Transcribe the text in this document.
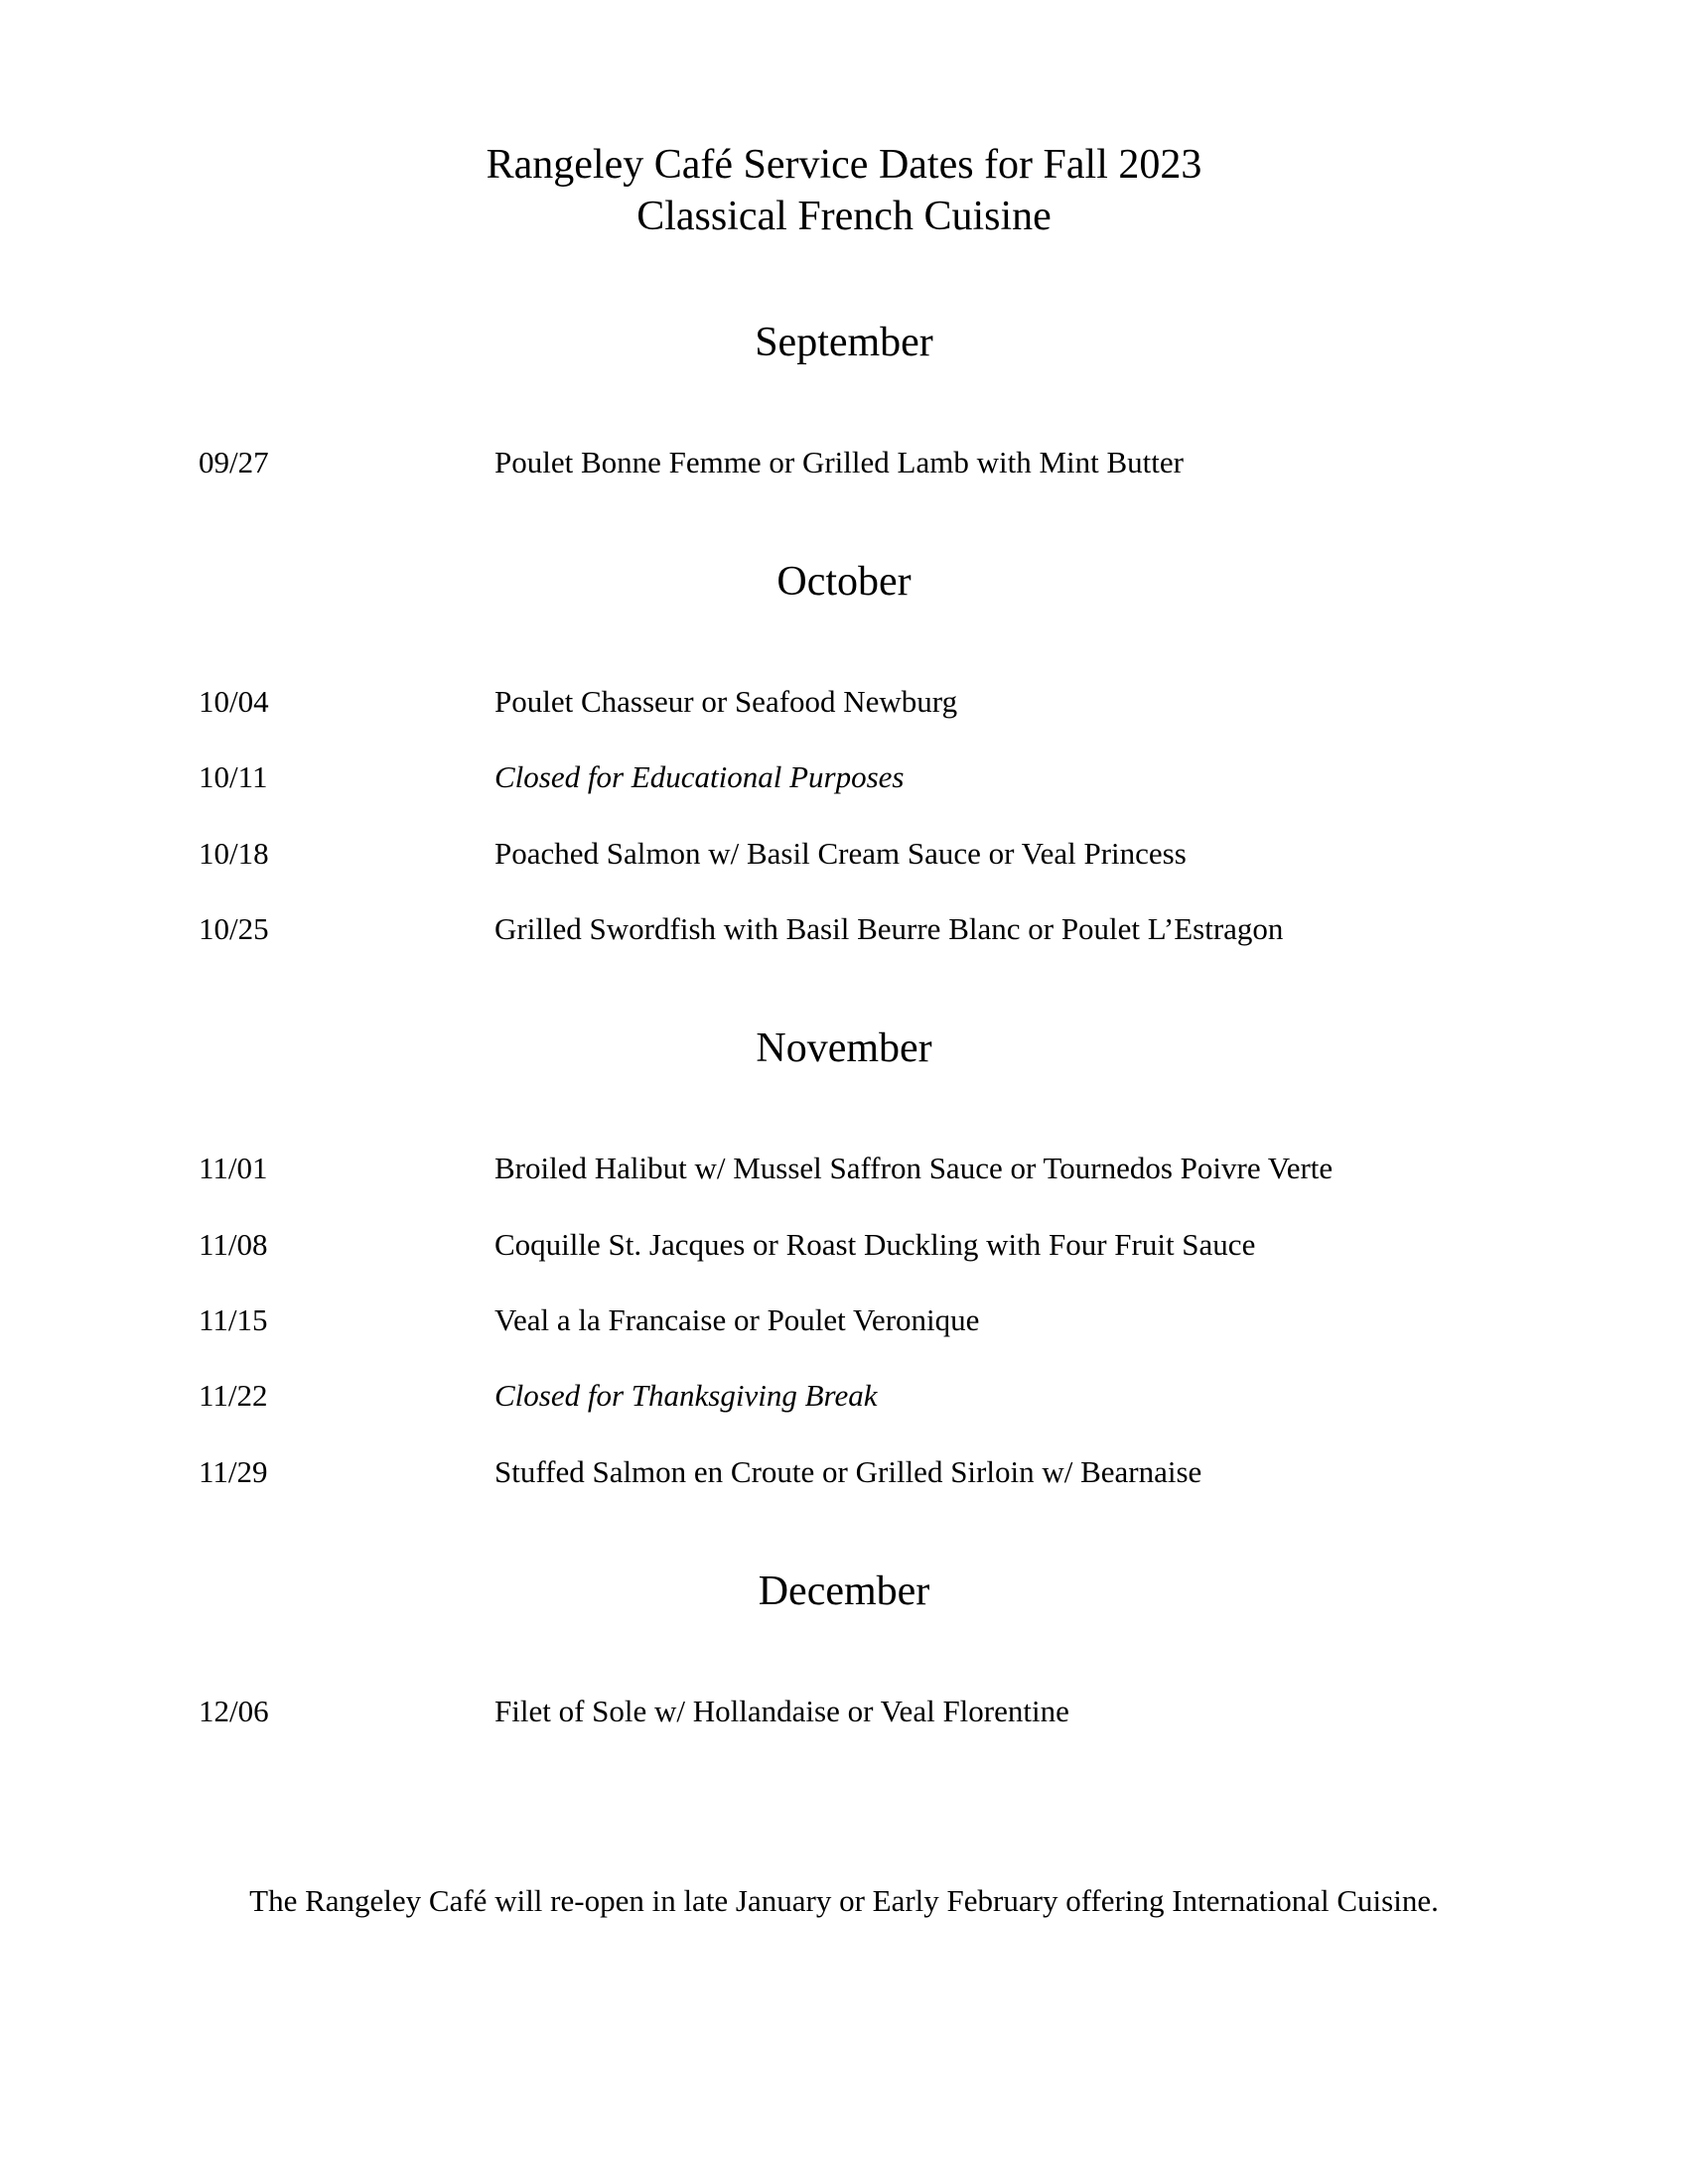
Rangeley Café Service Dates for Fall 2023
Classical French Cuisine
September
09/27	Poulet Bonne Femme or Grilled Lamb with Mint Butter
October
10/04	Poulet Chasseur or Seafood Newburg
10/11	Closed for Educational Purposes
10/18	Poached Salmon w/ Basil Cream Sauce or Veal Princess
10/25	Grilled Swordfish with Basil Beurre Blanc or Poulet L’Estragon
November
11/01	Broiled Halibut w/ Mussel Saffron Sauce or Tournedos Poivre Verte
11/08	Coquille St. Jacques or Roast Duckling with Four Fruit Sauce
11/15	Veal a la Francaise or Poulet Veronique
11/22	Closed for Thanksgiving Break
11/29	Stuffed Salmon en Croute or Grilled Sirloin w/ Bearnaise
December
12/06	Filet of Sole w/ Hollandaise or Veal Florentine
The Rangeley Café will re-open in late January or Early February offering International Cuisine.
